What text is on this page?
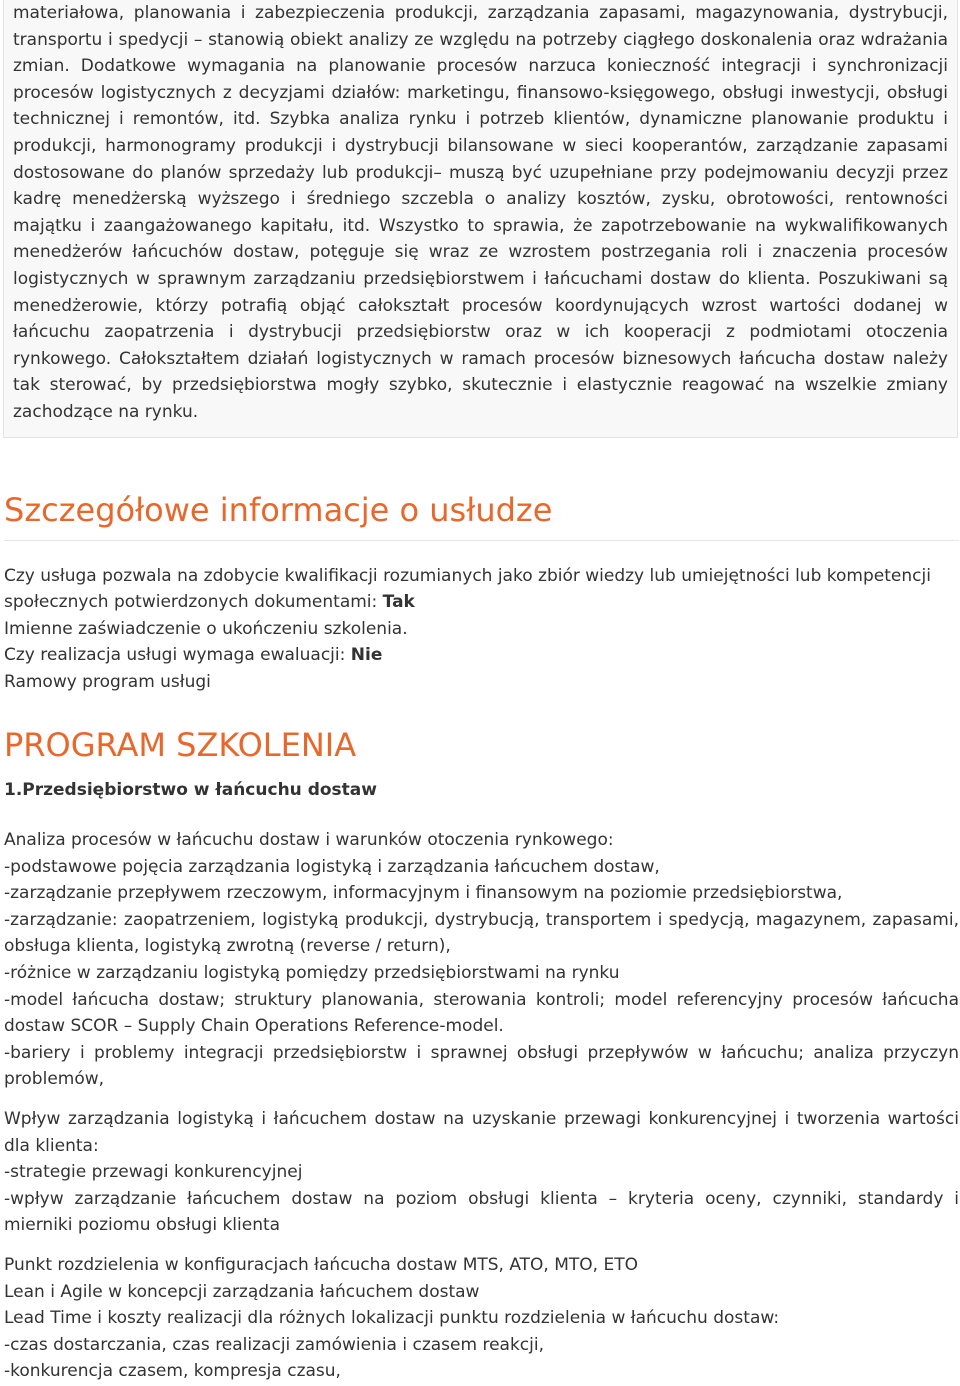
materiałowa, planowania i zabezpieczenia produkcji, zarządzania zapasami, magazynowania, dystrybucji, transportu i spedycji – stanowią obiekt analizy ze względu na potrzeby ciągłego doskonalenia oraz wdrażania zmian. Dodatkowe wymagania na planowanie procesów narzuca konieczność integracji i synchronizacji procesów logistycznych z decyzjami działów: marketingu, finansowo-księgowego, obsługi inwestycji, obsługi technicznej i remontów, itd. Szybka analiza rynku i potrzeb klientów, dynamiczne planowanie produktu i produkcji, harmonogramy produkcji i dystrybucji bilansowane w sieci kooperantów, zarządzanie zapasami dostosowane do planów sprzedaży lub produkcji– muszą być uzupełniane przy podejmowaniu decyzji przez kadrę menedżerską wyższego i średniego szczebla o analizy kosztów, zysku, obrotowości, rentowności majątku i zaangażowanego kapitału, itd. Wszystko to sprawia, że zapotrzebowanie na wykwalifikowanych menedżerów łańcuchów dostaw, potęguje się wraz ze wzrostem postrzegania roli i znaczenia procesów logistycznych w sprawnym zarządzaniu przedsiębiorstwem i łańcuchami dostaw do klienta. Poszukiwani są menedżerowie, którzy potrafią objąć całokształt procesów koordynujących wzrost wartości dodanej w łańcuchu zaopatrzenia i dystrybucji przedsiębiorstw oraz w ich kooperacji z podmiotami otoczenia rynkowego. Całokształtem działań logistycznych w ramach procesów biznesowych łańcucha dostaw należy tak sterować, by przedsiębiorstwa mogły szybko, skutecznie i elastycznie reagować na wszelkie zmiany zachodzące na rynku.

Szczegółowe informacje o usłudze
Czy usługa pozwala na zdobycie kwalifikacji rozumianych jako zbiór wiedzy lub umiejętności lub kompetencji społecznych potwierdzonych dokumentami: Tak
Imienne zaświadczenie o ukończeniu szkolenia.
Czy realizacja usługi wymaga ewaluacji: Nie
Ramowy program usługi
PROGRAM SZKOLENIA
1.Przedsiębiorstwo w łańcuchu dostaw

Analiza procesów w łańcuchu dostaw i warunków otoczenia rynkowego:

-podstawowe pojęcia zarządzania logistyką i zarządzania łańcuchem dostaw,

-zarządzanie przepływem rzeczowym, informacyjnym i finansowym na poziomie przedsiębiorstwa,

-zarządzanie: zaopatrzeniem, logistyką produkcji, dystrybucją, transportem i spedycją, magazynem, zapasami, obsługa klienta, logistyką zwrotną (reverse / return),

-różnice w zarządzaniu logistyką pomiędzy przedsiębiorstwami na rynku

-model łańcucha dostaw; struktury planowania, sterowania kontroli; model referencyjny procesów łańcucha dostaw SCOR – Supply Chain Operations Reference-model.

-bariery i problemy integracji przedsiębiorstw i sprawnej obsługi przepływów w łańcuchu; analiza przyczyn problemów,

Wpływ zarządzania logistyką i łańcuchem dostaw na uzyskanie przewagi konkurencyjnej i tworzenia wartości dla klienta:

-strategie przewagi konkurencyjnej

-wpływ zarządzanie łańcuchem dostaw na poziom obsługi klienta – kryteria oceny, czynniki, standardy i mierniki poziomu obsługi klienta

Punkt rozdzielenia w konfiguracjach łańcucha dostaw MTS, ATO, MTO, ETO

Lean i Agile w koncepcji zarządzania łańcuchem dostaw

Lead Time i koszty realizacji dla różnych lokalizacji punktu rozdzielenia w łańcuchu dostaw:

-czas dostarczania, czas realizacji zamówienia i czasem reakcji,

-konkurencja czasem, kompresja czasu,
